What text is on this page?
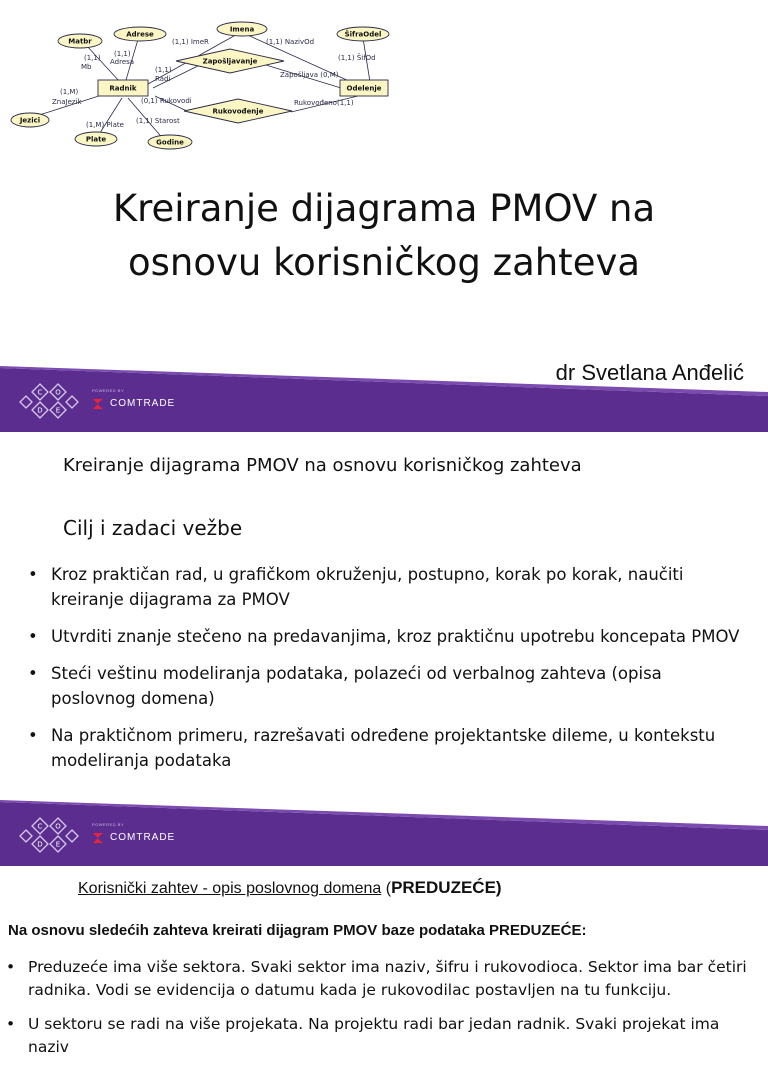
Matbr
Adrese
Imena
ŠifraOdel
Jezici
Plate	Godine
Zapošljavanje
Rukovođenje
Radnik	Odelenje
(1,1)
Mb
(1,1)
Adresa
(1,1) ImeR	(1,1) NazivOd
(1,1) ŠifOd
(1,1)
Radi	Zapošljava (0,M)
(1,M)
ZnaJezik	(0,1) Rukovodi	Rukovođeno(1,1)
(1,M) Plate (1,1) Starost
Kreiranje dijagrama PMOV na
osnovu korisničkog zahteva
dr Svetlana Anđelić
C O
D E
POWERED BY
COMTRADE
Kreiranje dijagrama PMOV na osnovu korisničkog zahteva
Cilj i zadaci vežbe
• Kroz praktičan rad, u grafičkom okruženju, postupno, korak po korak, naučiti kreiranje dijagrama za PMOV
• Utvrditi znanje stečeno na predavanjima, kroz praktičnu upotrebu koncepata PMOV
• Steći veštinu modeliranja podataka, polazeći od verbalnog zahteva (opisa poslovnog domena)
• Na praktičnom primeru, razrešavati određene projektantske dileme, u kontekstu modeliranja podataka
C O
D E
POWERED BY
COMTRADE
Korisnički zahtev - opis poslovnog domena (PREDUZEĆE)
Na osnovu sledećih zahteva kreirati dijagram PMOV baze podataka PREDUZEĆE:
• Preduzeće ima više sektora. Svaki sektor ima naziv, šifru i rukovodioca. Sektor ima bar četiri radnika. Vodi se evidencija o datumu kada je rukovodilac postavljen na tu funkciju.
• U sektoru se radi na više projekata. Na projektu radi bar jedan radnik. Svaki projekat ima naziv
